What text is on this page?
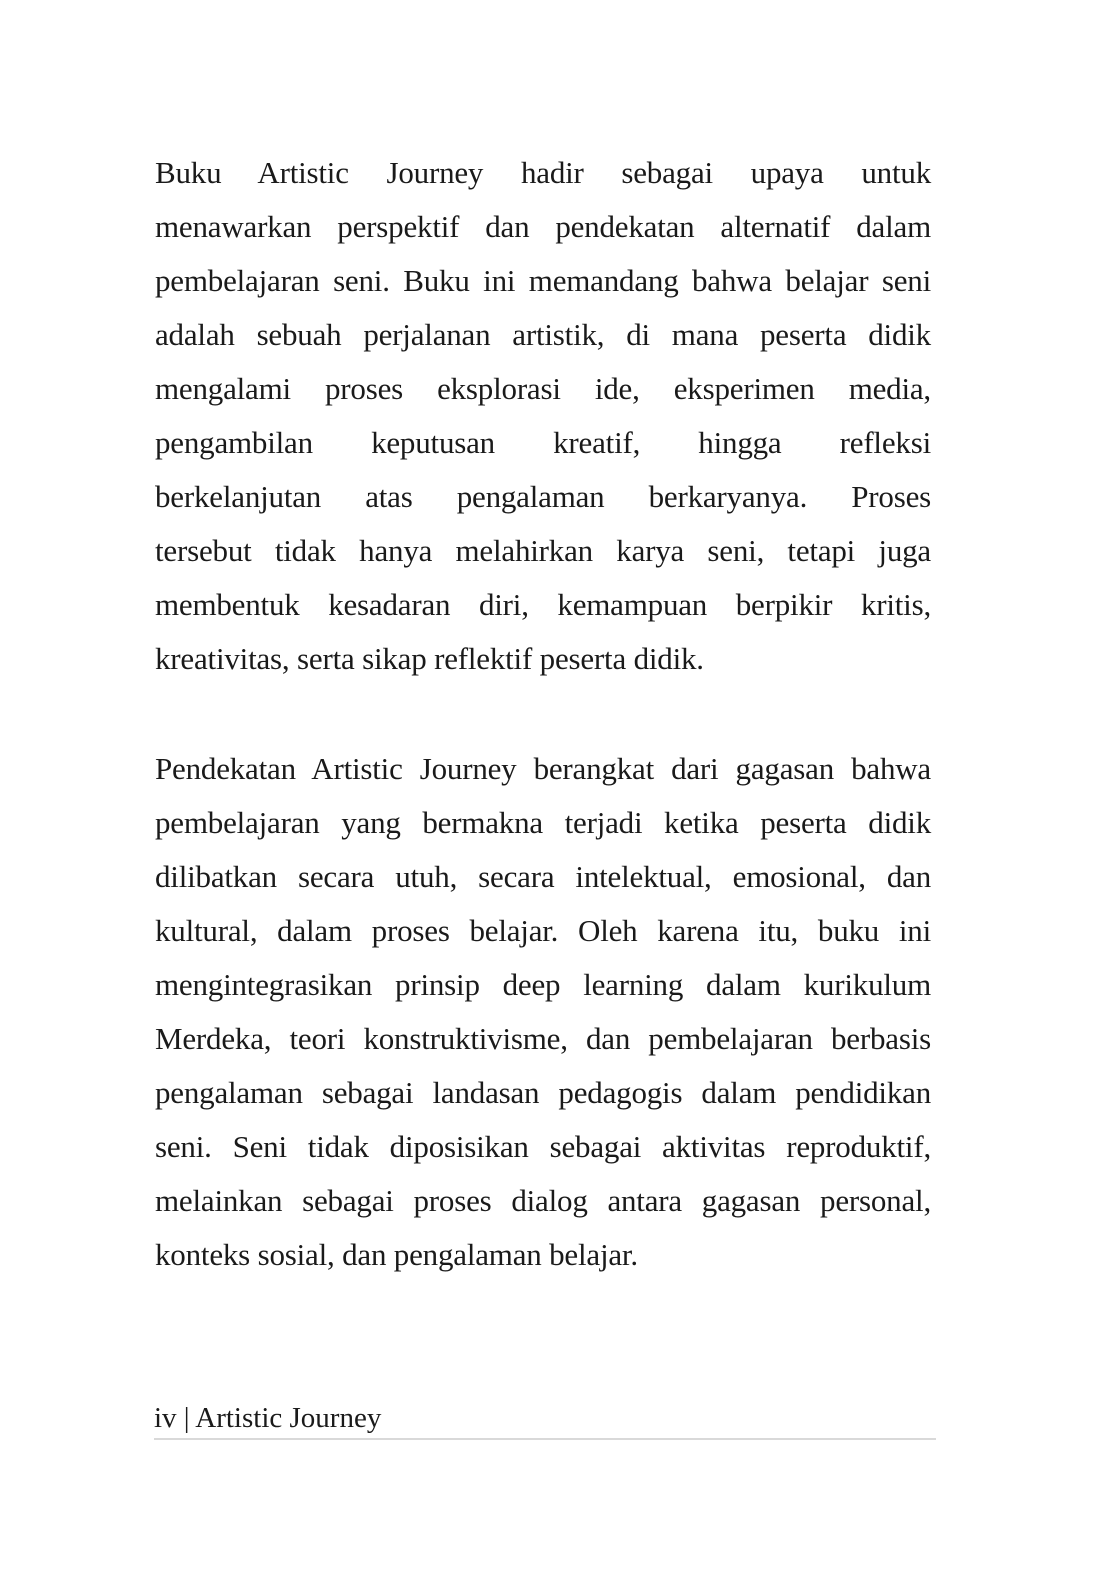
Buku Artistic Journey hadir sebagai upaya untuk
menawarkan perspektif dan pendekatan alternatif dalam
pembelajaran seni. Buku ini memandang bahwa belajar seni
adalah sebuah perjalanan artistik, di mana peserta didik
mengalami proses eksplorasi ide, eksperimen media,
pengambilan keputusan kreatif, hingga refleksi
berkelanjutan atas pengalaman berkaryanya. Proses
tersebut tidak hanya melahirkan karya seni, tetapi juga
membentuk kesadaran diri, kemampuan berpikir kritis,
kreativitas, serta sikap reflektif peserta didik.
Pendekatan Artistic Journey berangkat dari gagasan bahwa
pembelajaran yang bermakna terjadi ketika peserta didik
dilibatkan secara utuh, secara intelektual, emosional, dan
kultural, dalam proses belajar. Oleh karena itu, buku ini
mengintegrasikan prinsip deep learning dalam kurikulum
Merdeka, teori konstruktivisme, dan pembelajaran berbasis
pengalaman sebagai landasan pedagogis dalam pendidikan
seni. Seni tidak diposisikan sebagai aktivitas reproduktif,
melainkan sebagai proses dialog antara gagasan personal,
konteks sosial, dan pengalaman belajar.
iv | Artistic Journey
